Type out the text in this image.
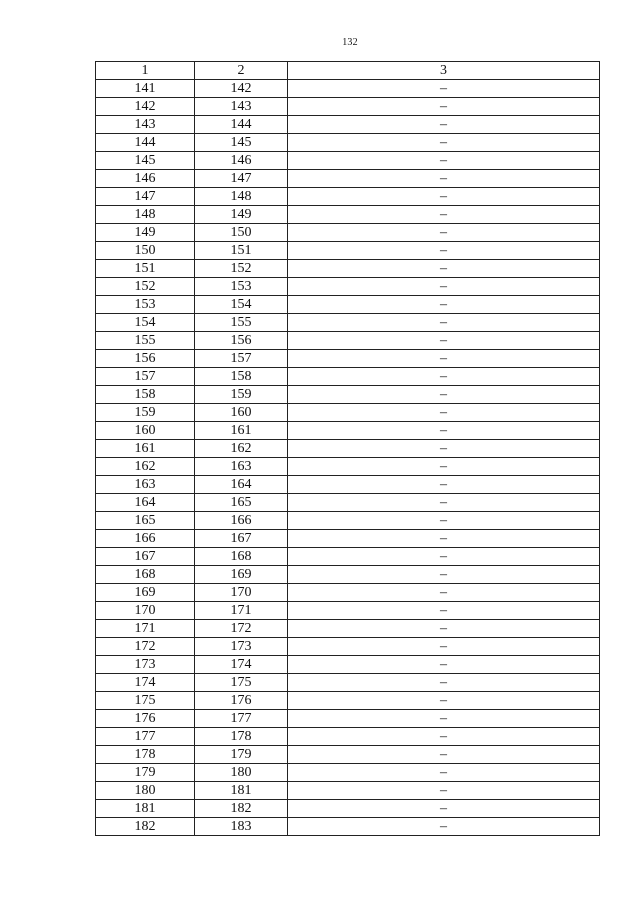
132
1	2	3
141	142	–
142	143	–
143	144	–
144	145	–
145	146	–
146	147	–
147	148	–
148	149	–
149	150	–
150	151	–
151	152	–
152	153	–
153	154	–
154	155	–
155	156	–
156	157	–
157	158	–
158	159	–
159	160	–
160	161	–
161	162	–
162	163	–
163	164	–
164	165	–
165	166	–
166	167	–
167	168	–
168	169	–
169	170	–
170	171	–
171	172	–
172	173	–
173	174	–
174	175	–
175	176	–
176	177	–
177	178	–
178	179	–
179	180	–
180	181	–
181	182	–
182	183	–
